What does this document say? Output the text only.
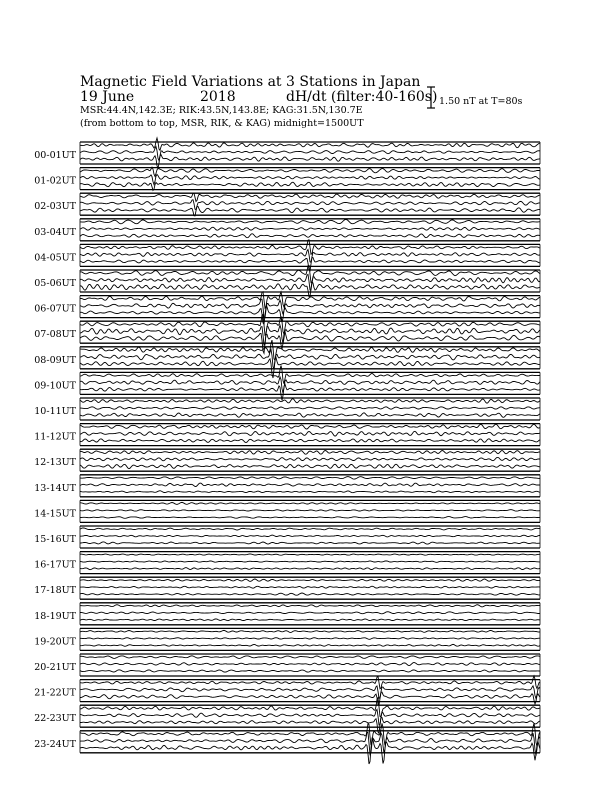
Magnetic Field Variations at 3 Stations in Japan
19 June	2018	dH/dt (filter:40-160s)
MSR:44.4N,142.3E; RIK:43.5N,143.8E; KAG:31.5N,130.7E
(from bottom to top, MSR, RIK, & KAG) midnight=1500UT
1.50 nT at T=80s
00-01UT
01-02UT
02-03UT
03-04UT
04-05UT
05-06UT
06-07UT
07-08UT
08-09UT
09-10UT
10-11UT
11-12UT
12-13UT
13-14UT
14-15UT
15-16UT
16-17UT
17-18UT
18-19UT
19-20UT
20-21UT
21-22UT
22-23UT
23-24UT
